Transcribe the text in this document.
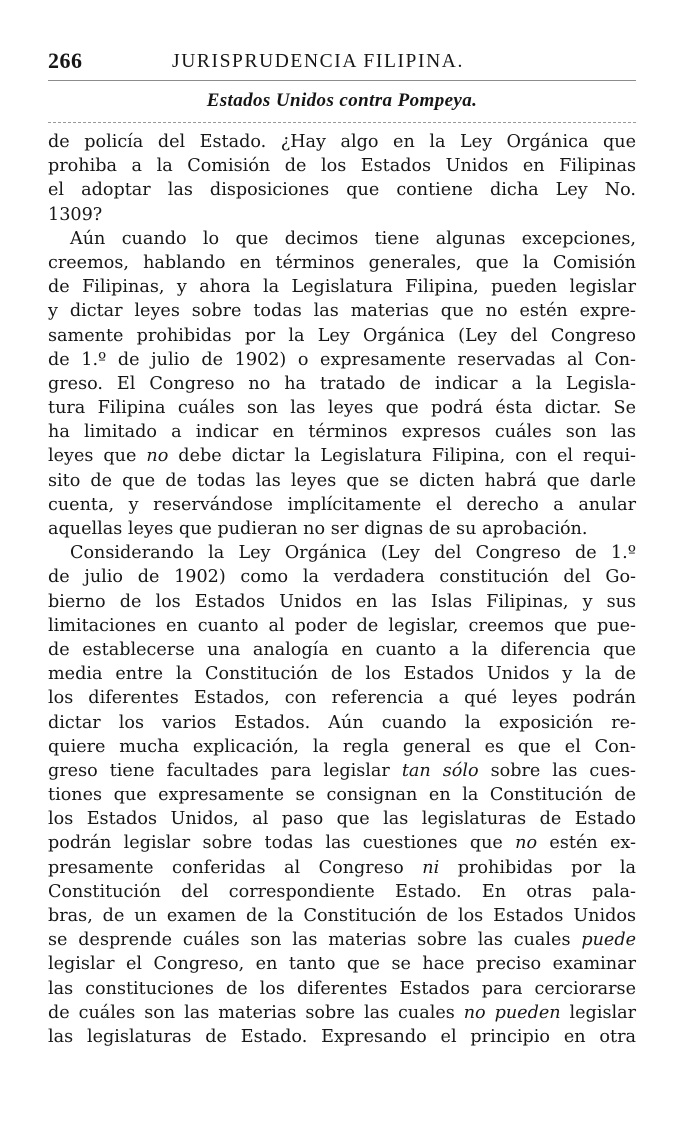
266	JURISPRUDENCIA FILIPINA.
Estados Unidos contra Pompeya.
de policía del Estado. ¿Hay algo en la Ley Orgánica que
prohiba a la Comisión de los Estados Unidos en Filipinas
el adoptar las disposiciones que contiene dicha Ley No.
1309?
Aún cuando lo que decimos tiene algunas excepciones,
creemos, hablando en términos generales, que la Comisión
de Filipinas, y ahora la Legislatura Filipina, pueden legislar
y dictar leyes sobre todas las materias que no estén expre-
samente prohibidas por la Ley Orgánica (Ley del Congreso
de 1.º de julio de 1902) o expresamente reservadas al Con-
greso. El Congreso no ha tratado de indicar a la Legisla-
tura Filipina cuáles son las leyes que podrá ésta dictar. Se
ha limitado a indicar en términos expresos cuáles son las
leyes que no debe dictar la Legislatura Filipina, con el requi-
sito de que de todas las leyes que se dicten habrá que darle
cuenta, y reservándose implícitamente el derecho a anular
aquellas leyes que pudieran no ser dignas de su aprobación.
Considerando la Ley Orgánica (Ley del Congreso de 1.º
de julio de 1902) como la verdadera constitución del Go-
bierno de los Estados Unidos en las Islas Filipinas, y sus
limitaciones en cuanto al poder de legislar, creemos que pue-
de establecerse una analogía en cuanto a la diferencia que
media entre la Constitución de los Estados Unidos y la de
los diferentes Estados, con referencia a qué leyes podrán
dictar los varios Estados. Aún cuando la exposición re-
quiere mucha explicación, la regla general es que el Con-
greso tiene facultades para legislar tan sólo sobre las cues-
tiones que expresamente se consignan en la Constitución de
los Estados Unidos, al paso que las legislaturas de Estado
podrán legislar sobre todas las cuestiones que no estén ex-
presamente conferidas al Congreso ni prohibidas por la
Constitución del correspondiente Estado. En otras pala-
bras, de un examen de la Constitución de los Estados Unidos
se desprende cuáles son las materias sobre las cuales puede
legislar el Congreso, en tanto que se hace preciso examinar
las constituciones de los diferentes Estados para cerciorarse
de cuáles son las materias sobre las cuales no pueden legislar
las legislaturas de Estado. Expresando el principio en otra
